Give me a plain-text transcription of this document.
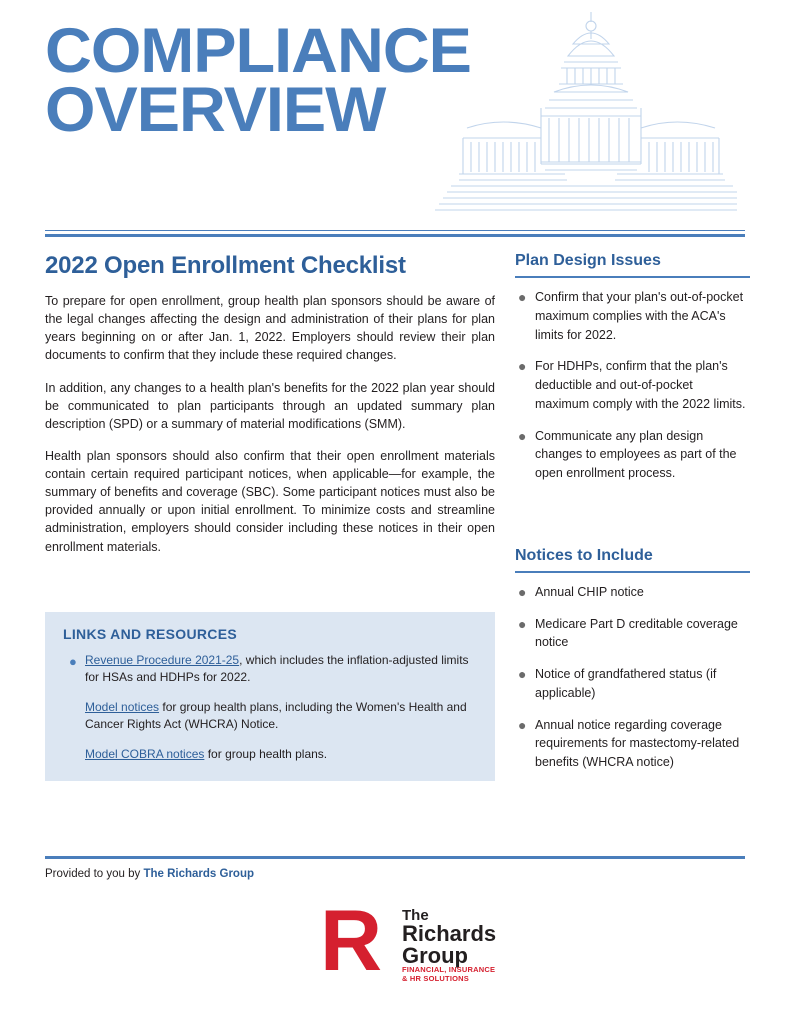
COMPLIANCE
OVERVIEW
2022 Open Enrollment Checklist

To prepare for open enrollment, group health plan sponsors should be aware of the legal changes affecting the design and administration of their plans for plan years beginning on or after Jan. 1, 2022. Employers should review their plan documents to confirm that they include these required changes.

In addition, any changes to a health plan's benefits for the 2022 plan year should be communicated to plan participants through an updated summary plan description (SPD) or a summary of material modifications (SMM).

Health plan sponsors should also confirm that their open enrollment materials contain certain required participant notices, when applicable—for example, the summary of benefits and coverage (SBC). Some participant notices must also be provided annually or upon initial enrollment. To minimize costs and streamline administration, employers should consider including these notices in their open enrollment materials.

LINKS AND RESOURCES
● Revenue Procedure 2021-25, which includes the inflation-adjusted limits for HSAs and HDHPs for 2022.
Model notices for group health plans, including the Women's Health and Cancer Rights Act (WHCRA) Notice.
Model COBRA notices for group health plans.
Plan Design Issues
● Confirm that your plan's out-of-pocket maximum complies with the ACA's limits for 2022.
● For HDHPs, confirm that the plan's deductible and out-of-pocket maximum comply with the 2022 limits.
● Communicate any plan design changes to employees as part of the open enrollment process.
Notices to Include
● Annual CHIP notice
● Medicare Part D creditable coverage notice
● Notice of grandfathered status (if applicable)
● Annual notice regarding coverage requirements for mastectomy-related benefits (WHCRA notice)
Provided to you by The Richards Group
R The
Richards
Group
FINANCIAL, INSURANCE
& HR SOLUTIONS
